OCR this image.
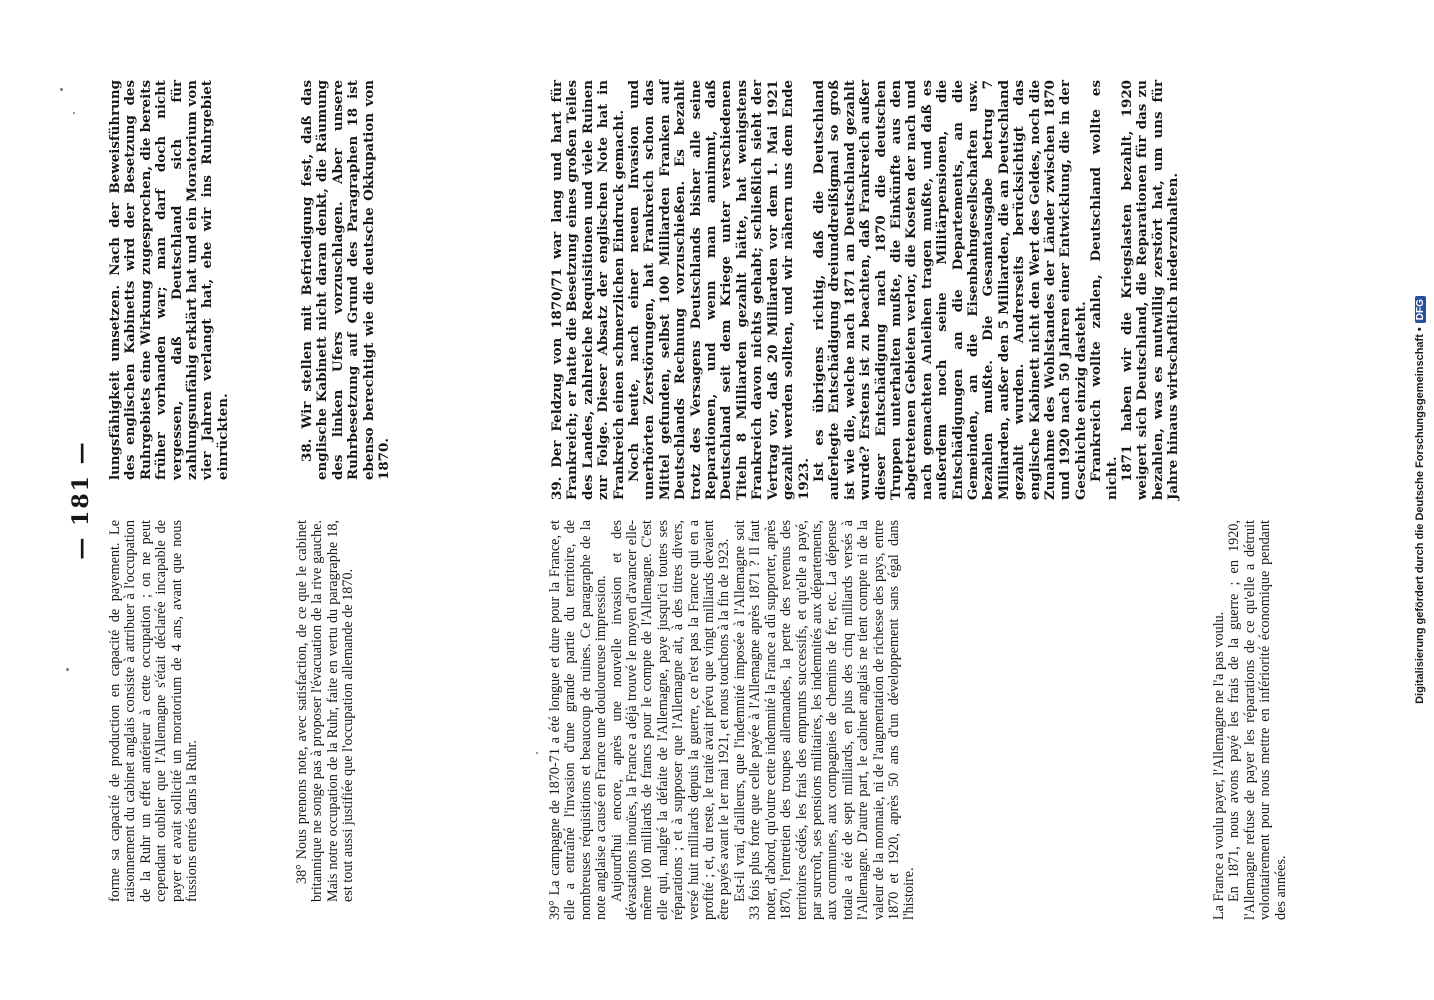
— 181 —

forme sa capacité de production en capacité de payement. Le raisonnement du cabinet anglais consiste à attribuer à l'occupation de la Ruhr un effet antérieur à cette occupation ; on ne peut cependant oublier que l'Allemagne s'était déclarée incapable de payer et avait sollicité un moratorium de 4 ans, avant que nous fussions entrés dans la Ruhr.	38° Nous prenons note, avec satisfaction, de ce que le cabinet britannique ne songe pas à proposer l'évacuation de la rive gauche. Mais notre occupation de la Ruhr, faite en vertu du paragraphe 18, est tout aussi justifiée que l'occupation allemande de 1870.	39° La campagne de 1870-71 a été longue et dure pour la France, et elle a entraîné l'invasion d'une grande partie du territoire, de nombreuses réquisitions et beaucoup de ruines. Ce paragraphe de la note anglaise a causé en France une douloureuse impression. Aujourd'hui encore, après une nouvelle invasion et des dévastations inouïes, la France a déjà trouvé le moyen d'avancer elle-même 100 milliards de francs pour le compte de l'Allemagne. C'est elle qui, malgré la défaite de l'Allemagne, paye jusqu'ici toutes ses réparations ; et à supposer que l'Allemagne ait, à des titres divers, versé huit milliards depuis la guerre, ce n'est pas la France qui en a profité ; et, du reste, le traité avait prévu que vingt milliards devaient être payés avant le 1er mai 1921, et nous touchons à la fin de 1923. Est-il vrai, d'ailleurs, que l'indemnité imposée à l'Allemagne soit 33 fois plus forte que celle payée à l'Allemagne après 1871 ? Il faut noter, d'abord, qu'outre cette indemnité la France a dû supporter, après 1870, l'entretien des troupes allemandes, la perte des revenus des territoires cédés, les frais des emprunts successifs, et qu'elle a payé, par surcroît, ses pensions militaires, les indemnités aux départements, aux communes, aux compagnies de chemins de fer, etc. La dépense totale a été de sept milliards, en plus des cinq milliards versés à l'Allemagne. D'autre part, le cabinet anglais ne tient compte ni de la valeur de la monnaie, ni de l'augmentation de richesse des pays, entre 1870 et 1920, après 50 ans d'un développement sans égal dans l'histoire.	La France a voulu payer, l'Allemagne ne l'a pas voulu. En 1871, nous avons payé les frais de la guerre ; en 1920, l'Allemagne refuse de payer les réparations de ce qu'elle a détruit volontairement pour nous mettre en infériorité économique pendant des années.

lungsfähigkeit umsetzen. Nach der Beweisführung des englischen Kabinetts wird der Besetzung des Ruhrgebiets eine Wirkung zugesprochen, die bereits früher vorhanden war; man darf doch nicht vergessen, daß Deutschland sich für zahlungsunfähig erklärt hat und ein Moratorium von vier Jahren verlangt hat, ehe wir ins Ruhrgebiet einrückten.	38. Wir stellen mit Befriedigung fest, daß das englische Kabinett nicht daran denkt, die Räumung des linken Ufers vorzuschlagen. Aber unsere Ruhrbesetzung auf Grund des Paragraphen 18 ist ebenso berechtigt wie die deutsche Okkupation von 1870.	39. Der Feldzug von 1870/71 war lang und hart für Frankreich; er hatte die Besetzung eines großen Teiles des Landes, zahlreiche Requisitionen und viele Ruinen zur Folge. Dieser Absatz der englischen Note hat in Frankreich einen schmerzlichen Eindruck gemacht. Noch heute, nach einer neuen Invasion und unerhörten Zerstörungen, hat Frankreich schon das Mittel gefunden, selbst 100 Milliarden Franken auf Deutschlands Rechnung vorzuschießen. Es bezahlt trotz des Versagens Deutschlands bisher alle seine Reparationen, und wenn man annimmt, daß Deutschland seit dem Kriege unter verschiedenen Titeln 8 Milliarden gezahlt hätte, hat wenigstens Frankreich davon nichts gehabt; schließlich sieht der Vertrag vor, daß 20 Milliarden vor dem 1. Mai 1921 gezahlt werden sollten, und wir nähern uns dem Ende 1923. Ist es übrigens richtig, daß die Deutschland auferlegte Entschädigung dreiunddreißigmal so groß ist wie die, welche nach 1871 an Deutschland gezahlt wurde? Erstens ist zu beachten, daß Frankreich außer dieser Entschädigung nach 1870 die deutschen Truppen unterhalten mußte, die Einkünfte aus den abgetretenen Gebieten verlor, die Kosten der nach und nach gemachten Anleihen tragen mußte, und daß es außerdem noch seine Militärpensionen, die Entschädigungen an die Departements, an die Gemeinden, an die Eisenbahngesellschaften usw. bezahlen mußte. Die Gesamtausgabe betrug 7 Milliarden, außer den 5 Milliarden, die an Deutschland gezahlt wurden. Andrerseits berücksichtigt das englische Kabinett nicht den Wert des Geldes, noch die Zunahme des Wohlstandes der Länder zwischen 1870 und 1920 nach 50 Jahren einer Entwicklung, die in der Geschichte einzig dasteht. Frankreich wollte zahlen, Deutschland wollte es nicht. 1871 haben wir die Kriegslasten bezahlt, 1920 weigert sich Deutschland, die Reparationen für das zu bezahlen, was es mutwillig zerstört hat, um uns für Jahre hinaus wirtschaftlich niederzuhalten.	Digitalisierung gefördert durch die Deutsche Forschungsgemeinschaft •DFG
